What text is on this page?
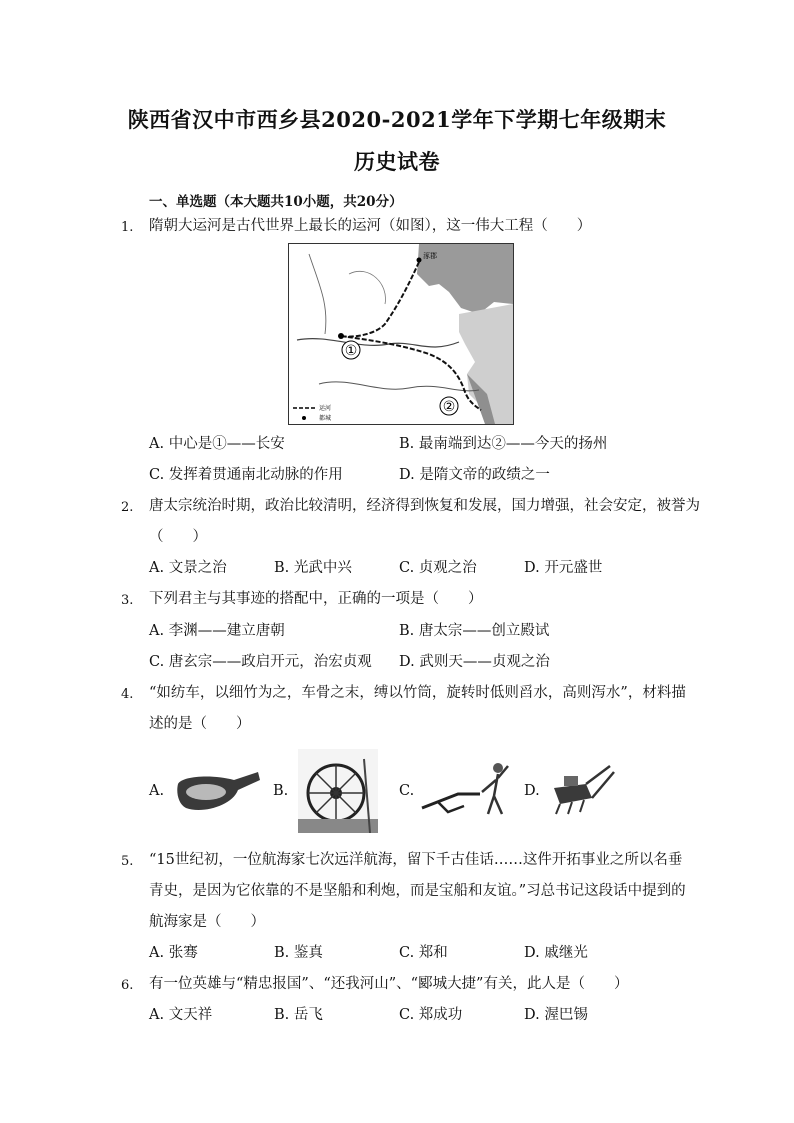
陕西省汉中市西乡县2020-2021学年下学期七年级期末
历史试卷
一、单选题（本大题共10小题，共20分）
1. 隋朝大运河是古代世界上最长的运河（如图），这一伟大工程（　　）
①
②
涿郡
运河
都城
A. 中心是①——长安	B. 最南端到达②——今天的扬州
C. 发挥着贯通南北动脉的作用	D. 是隋文帝的政绩之一
2. 唐太宗统治时期，政治比较清明，经济得到恢复和发展，国力增强，社会安定，被誉为
（　　）
A. 文景之治	B. 光武中兴	C. 贞观之治	D. 开元盛世
3. 下列君主与其事迹的搭配中，正确的一项是（　　）
A. 李渊——建立唐朝	B. 唐太宗——创立殿试
C. 唐玄宗——政启开元，治宏贞观 D. 武则天——贞观之治
4. “如纺车，以细竹为之，车骨之末，缚以竹筒，旋转时低则舀水，高则泻水”，材料描
述的是（　　）
A.	B.	C.	D.
5. “15世纪初，一位航海家七次远洋航海，留下千古佳话……这件开拓事业之所以名垂
青史，是因为它依靠的不是坚船和利炮，而是宝船和友谊。”习总书记这段话中提到的
航海家是（　　）
A. 张骞	B. 鉴真	C. 郑和	D. 戚继光
6. 有一位英雄与“精忠报国”、“还我河山”、“郾城大捷”有关，此人是（　　）
A. 文天祥	B. 岳飞	C. 郑成功	D. 渥巴锡
